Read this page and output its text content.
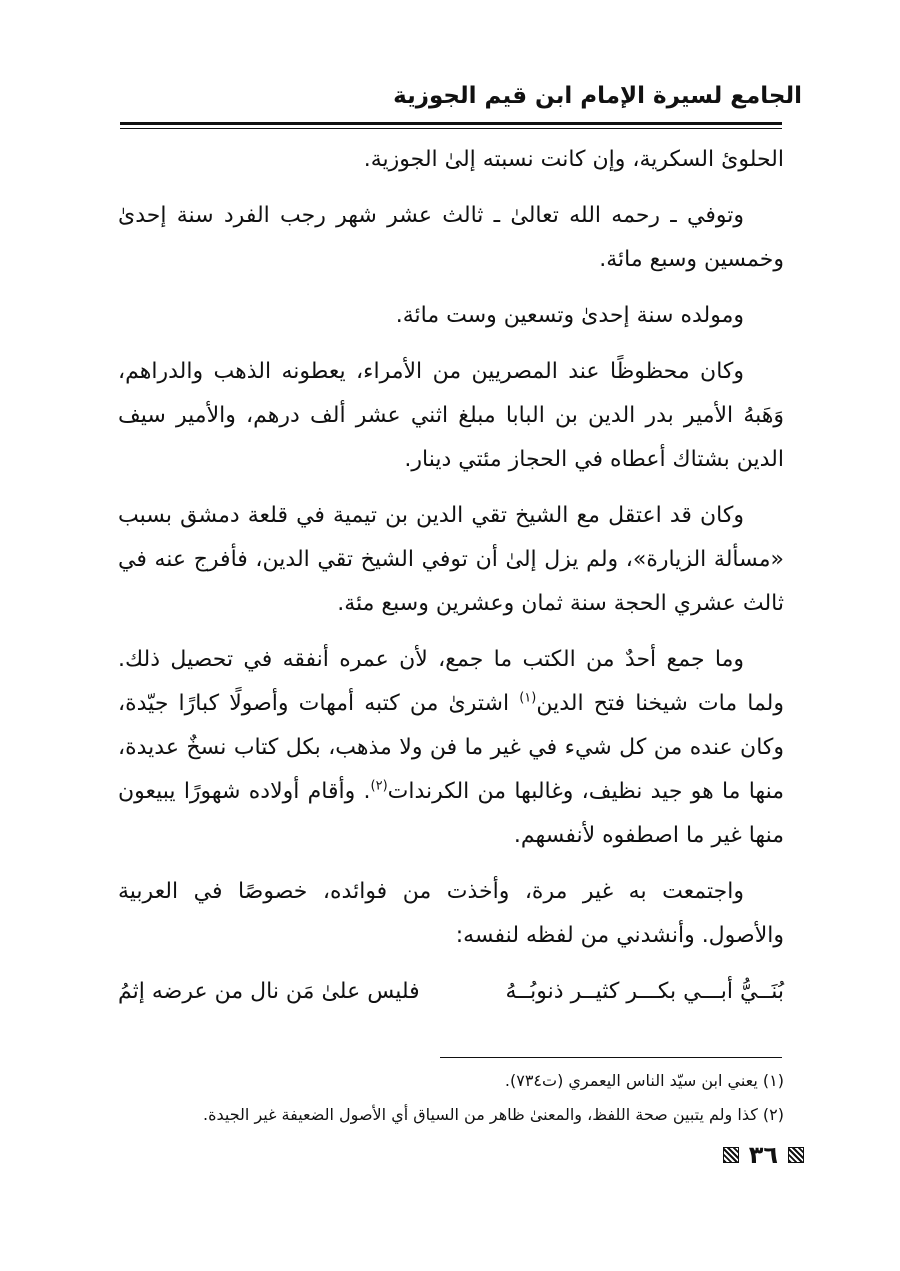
الجامع لسيرة الإمام ابن قيم الجوزية

الحلوئ السكرية، وإن كانت نسبته إلىٰ الجوزية.

وتوفي ـ رحمه الله تعالىٰ ـ ثالث عشر شهر رجب الفرد سنة إحدىٰ وخمسين وسبع مائة.

ومولده سنة إحدىٰ وتسعين وست مائة.

وكان محظوظًا عند المصريين من الأمراء، يعطونه الذهب والدراهم، وَهَبهُ الأمير بدر الدين بن البابا مبلغ اثني عشر ألف درهم، والأمير سيف الدين بشتاك أعطاه في الحجاز مئتي دينار.

وكان قد اعتقل مع الشيخ تقي الدين بن تيمية في قلعة دمشق بسبب «مسألة الزيارة»، ولم يزل إلىٰ أن توفي الشيخ تقي الدين، فأفرج عنه في ثالث عشري الحجة سنة ثمان وعشرين وسبع مئة.

وما جمع أحدٌ من الكتب ما جمع، لأن عمره أنفقه في تحصيل ذلك. ولما مات شيخنا فتح الدين$^{(١)}$ اشترىٰ من كتبه أمهات وأصولًا كبارًا جيّدة، وكان عنده من كل شيء في غير ما فن ولا مذهب، بكل كتاب نسخٌ عديدة، منها ما هو جيد نظيف، وغالبها من الكرندات$^{(٢)}$. وأقام أولاده شهورًا يبيعون منها غير ما اصطفوه لأنفسهم.

واجتمعت به غير مرة، وأخذت من فوائده، خصوصًا في العربية والأصول. وأنشدني من لفظه لنفسه:

بُنَــيُّ أبـــي بكـــر كثيــر ذنوبُــهُ
فليس علىٰ مَن نال من عرضه إثمُ

(١) يعني ابن سيّد الناس اليعمري (ت٧٣٤).

(٢) كذا ولم يتبين صحة اللفظ، والمعنىٰ ظاهر من السياق أي الأصول الضعيفة غير الجيدة.

٣٦
